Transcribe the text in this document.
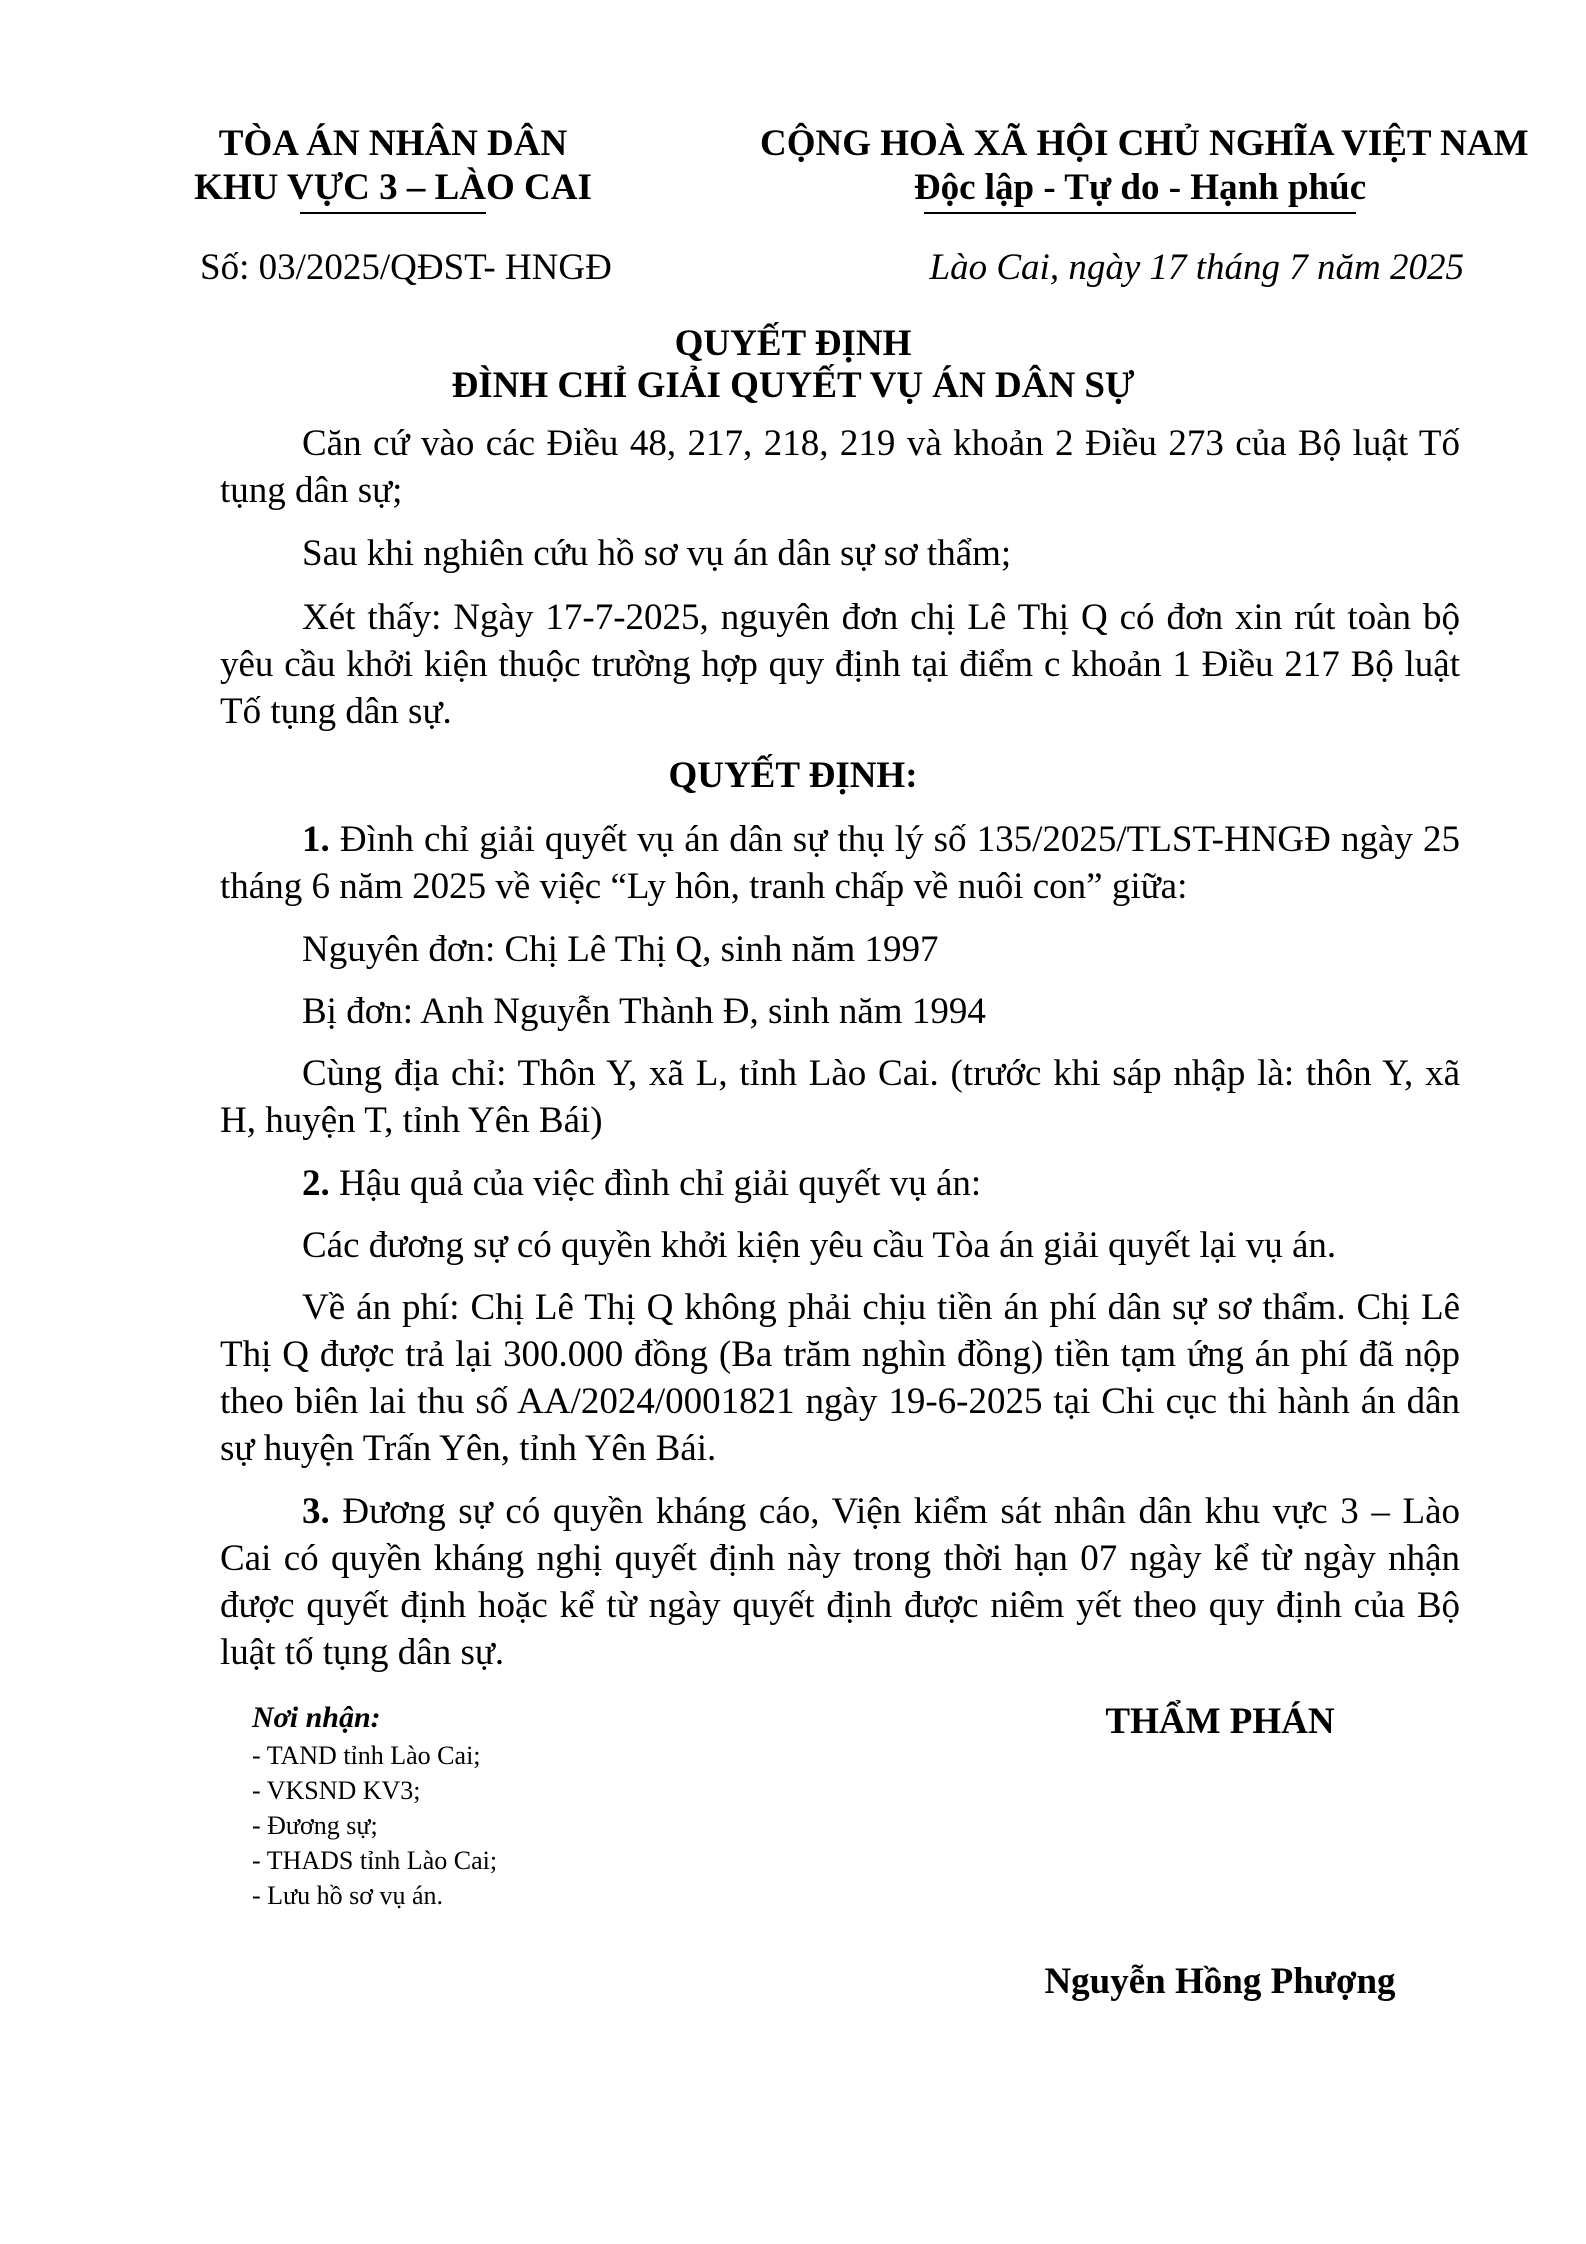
TÒA ÁN NHÂN DÂN
KHU VỰC 3 – LÀO CAI
CỘNG HOÀ XÃ HỘI CHỦ NGHĨA VIỆT NAM
Độc lập - Tự do - Hạnh phúc
Số: 03/2025/QĐST- HNGĐ	Lào Cai, ngày 17 tháng 7 năm 2025
QUYẾT ĐỊNH
ĐÌNH CHỈ GIẢI QUYẾT VỤ ÁN DÂN SỰ

Căn cứ vào các Điều 48, 217, 218, 219 và khoản 2 Điều 273 của Bộ luật Tố tụng dân sự;

Sau khi nghiên cứu hồ sơ vụ án dân sự sơ thẩm;

Xét thấy: Ngày 17-7-2025, nguyên đơn chị Lê Thị Q có đơn xin rút toàn bộ yêu cầu khởi kiện thuộc trường hợp quy định tại điểm c khoản 1 Điều 217 Bộ luật Tố tụng dân sự.

QUYẾT ĐỊNH:

1. Đình chỉ giải quyết vụ án dân sự thụ lý số 135/2025/TLST-HNGĐ ngày 25 tháng 6 năm 2025 về việc “Ly hôn, tranh chấp về nuôi con” giữa:

Nguyên đơn: Chị Lê Thị Q, sinh năm 1997

Bị đơn: Anh Nguyễn Thành Đ, sinh năm 1994

Cùng địa chỉ: Thôn Y, xã L, tỉnh Lào Cai. (trước khi sáp nhập là: thôn Y, xã H, huyện T, tỉnh Yên Bái)

2. Hậu quả của việc đình chỉ giải quyết vụ án:

Các đương sự có quyền khởi kiện yêu cầu Tòa án giải quyết lại vụ án.

Về án phí: Chị Lê Thị Q không phải chịu tiền án phí dân sự sơ thẩm. Chị Lê Thị Q được trả lại 300.000 đồng (Ba trăm nghìn đồng) tiền tạm ứng án phí đã nộp theo biên lai thu số AA/2024/0001821 ngày 19-6-2025 tại Chi cục thi hành án dân sự huyện Trấn Yên, tỉnh Yên Bái.

3. Đương sự có quyền kháng cáo, Viện kiểm sát nhân dân khu vực 3 – Lào Cai có quyền kháng nghị quyết định này trong thời hạn 07 ngày kể từ ngày nhận được quyết định hoặc kể từ ngày quyết định được niêm yết theo quy định của Bộ luật tố tụng dân sự.

Nơi nhận:
- TAND tỉnh Lào Cai;
- VKSND KV3;
- Đương sự;
- THADS tỉnh Lào Cai;
- Lưu hồ sơ vụ án.
THẨM PHÁN
Nguyễn Hồng Phượng
